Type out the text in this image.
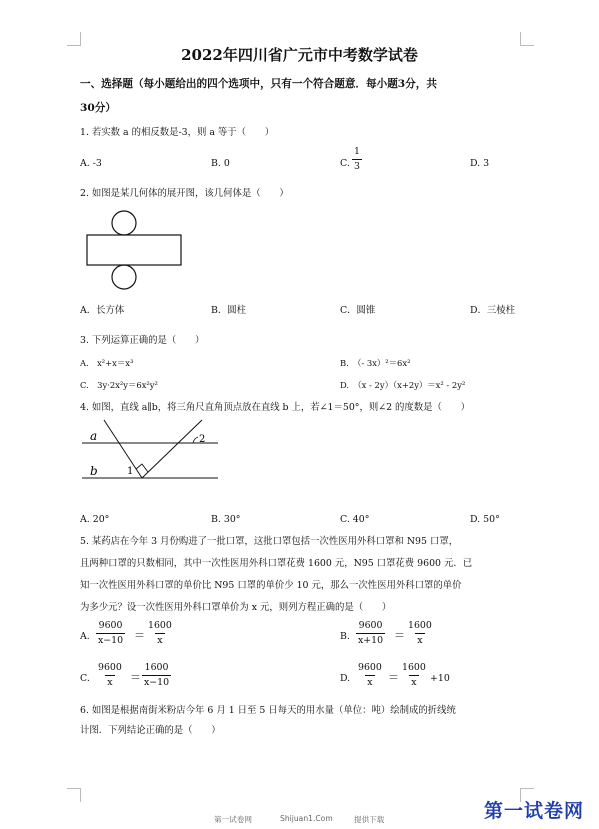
2022年四川省广元市中考数学试卷
一、选择题（每小题给出的四个选项中，只有一个符合题意．每小题3分，共
30分）
1. 若实数 a 的相反数是-3，则 a 等于（　　）
A. -3	B. 0	C. $\frac{1}{3}$	D. 3
2. 如图是某几何体的展开图，该几何体是（　　）
A．长方体	B．圆柱	C．圆锥	D．三棱柱
3. 下列运算正确的是（　　）
A.　x²+x＝x³	B.　（- 3x）²＝6x²
C.　3y·2x²y＝6x²y²	D.　（x - 2y）（x+2y）＝x² - 2y²
4. 如图，直线 a∥b，将三角尺直角顶点放在直线 b 上，若∠1＝50°，则∠2 的度数是（　　）
a
b	1
2
A. 20°	B. 30°	C. 40°	D. 50°
5. 某药店在今年 3 月份购进了一批口罩，这批口罩包括一次性医用外科口罩和 N95 口罩，
且两种口罩的只数相同，其中一次性医用外科口罩花费 1600 元，N95 口罩花费 9600 元．已
知一次性医用外科口罩的单价比 N95 口罩的单价少 10 元，那么一次性医用外科口罩的单价
为多少元？设一次性医用外科口罩单价为 x 元，则列方程正确的是（　　）
A. $\frac{9600}{x-10} = \frac{1600}{x}$	B. $\frac{9600}{x+10} = \frac{1600}{x}$
C. $\frac{9600}{x} = \frac{1600}{x-10}$	D. $\frac{9600}{x} = \frac{1600}{x} +10$
6. 如图是根据南街米粉店今年 6 月 1 日至 5 日每天的用水量（单位：吨）绘制成的折线统
计图．下列结论正确的是（　　）
第一试卷网	Shijuan1.Com	提供下载	第一试卷网
